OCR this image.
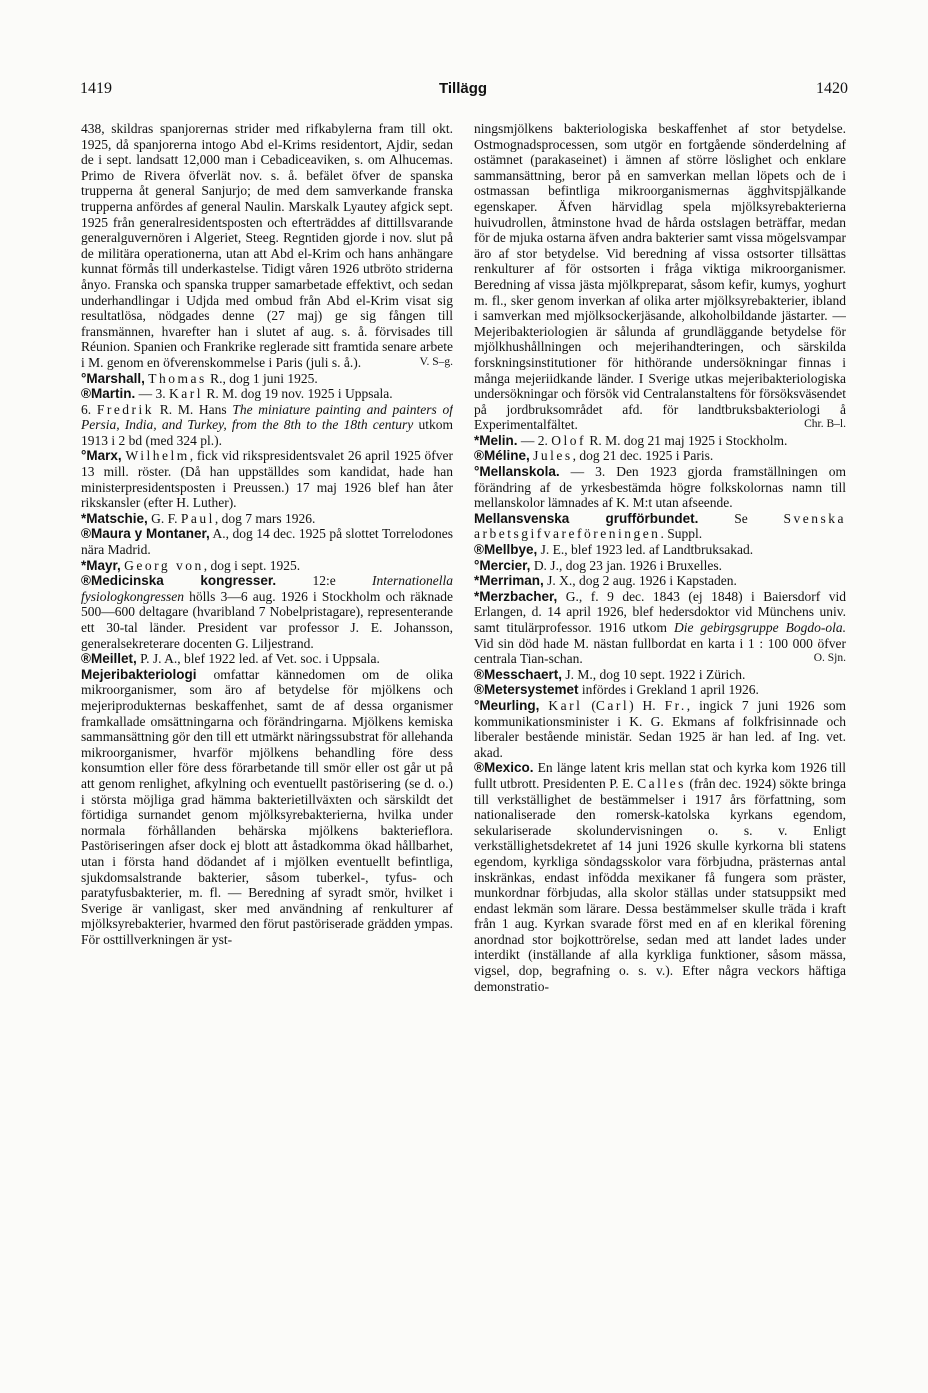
1419	Tillägg	1420

438, skildras spanjorernas strider med rifkabylerna fram till okt. 1925, då spanjorerna intogo Abd el-Krims residentort, Ajdir, sedan de i sept. landsatt 12,000 man i Cebadiceaviken, s. om Alhucemas. Primo de Rivera öfverlät nov. s. å. befälet öfver de spanska trupperna åt general Sanjurjo; de med dem samverkande franska trupperna anfördes af general Naulin. Marskalk Lyautey afgick sept. 1925 från generalresidentsposten och efterträddes af dittillsvarande generalguvernören i Algeriet, Steeg. Regntiden gjorde i nov. slut på de militära operationerna, utan att Abd el-Krim och hans anhängare kunnat förmås till underkastelse. Tidigt våren 1926 utbröto striderna ånyo. Franska och spanska trupper samarbetade effektivt, och sedan underhandlingar i Udjda med ombud från Abd el-Krim visat sig resultatlösa, nödgades denne (27 maj) ge sig fången till fransmännen, hvarefter han i slutet af aug. s. å. förvisades till Réunion. Spanien och Frankrike reglerade sitt framtida senare arbete i M. genom en öfverenskommelse i Paris (juli s. å.).	V. S–g.

°Marshall, Thomas R., dog 1 juni 1925.

®Martin. — 3. Karl R. M. dog 19 nov. 1925 i Uppsala.

6. Fredrik R. M. Hans The miniature painting and painters of Persia, India, and Turkey, from the 8th to the 18th century utkom 1913 i 2 bd (med 324 pl.).

°Marx, Wilhelm, fick vid rikspresidentsvalet 26 april 1925 öfver 13 mill. röster. (Då han uppställdes som kandidat, hade han ministerpresidentsposten i Preussen.) 17 maj 1926 blef han åter rikskansler (efter H. Luther).

*Matschie, G. F. Paul, dog 7 mars 1926.

®Maura y Montaner, A., dog 14 dec. 1925 på slottet Torrelodones nära Madrid.

*Mayr, Georg von, dog i sept. 1925.

®Medicinska kongresser. 12:e Internationella fysiologkongressen hölls 3—6 aug. 1926 i Stockholm och räknade 500—600 deltagare (hvaribland 7 Nobelpristagare), representerande ett 30-tal länder. President var professor J. E. Johansson, generalsekreterare docenten G. Liljestrand.

®Meillet, P. J. A., blef 1922 led. af Vet. soc. i Uppsala.

Mejeribakteriologi omfattar kännedomen om de olika mikroorganismer, som äro af betydelse för mjölkens och mejeriprodukternas beskaffenhet, samt de af dessa organismer framkallade omsättningarna och förändringarna. Mjölkens kemiska sammansättning gör den till ett utmärkt näringssubstrat för allehanda mikroorganismer, hvarför mjölkens behandling före dess konsumtion eller före dess förarbetande till smör eller ost går ut på att genom renlighet, afkylning och eventuellt pastörisering (se d. o.) i största möjliga grad hämma bakterietillväxten och särskildt det förtidiga surnandet genom mjölksyrebakterierna, hvilka under normala förhållanden behärska mjölkens bakterieflora. Pastöriseringen afser dock ej blott att åstadkomma ökad hållbarhet, utan i första hand dödandet af i mjölken eventuellt befintliga, sjukdomsalstrande bakterier, såsom tuberkel-, tyfus- och paratyfusbakterier, m. fl. — Beredning af syradt smör, hvilket i Sverige är vanligast, sker med användning af renkulturer af mjölksyrebakterier, hvarmed den förut pastöriserade grädden ympas. För osttillverkningen är yst-

ningsmjölkens bakteriologiska beskaffenhet af stor betydelse. Ostmognadsprocessen, som utgör en fortgående sönderdelning af ostämnet (parakaseinet) i ämnen af större löslighet och enklare sammansättning, beror på en samverkan mellan löpets och de i ostmassan befintliga mikroorganismernas ägghvitspjälkande egenskaper. Äfven härvidlag spela mjölksyrebakterierna huivudrollen, åtminstone hvad de hårda ostslagen beträffar, medan för de mjuka ostarna äfven andra bakterier samt vissa mögelsvampar äro af stor betydelse. Vid beredning af vissa ostsorter tillsättas renkulturer af för ostsorten i fråga viktiga mikroorganismer. Beredning af vissa jästa mjölkpreparat, såsom kefir, kumys, yoghurt m. fl., sker genom inverkan af olika arter mjölksyrebakterier, ibland i samverkan med mjölksockerjäsande, alkoholbildande jästarter. — Mejeribakteriologien är sålunda af grundläggande betydelse för mjölkhushållningen och mejerihandteringen, och särskilda forskningsinstitutioner för hithörande undersökningar finnas i många mejeriidkande länder. I Sverige utkas mejeribakteriologiska undersökningar och försök vid Centralanstaltens för försöksväsendet på jordbruksområdet afd. för landtbruksbakteriologi å Experimentalfältet.	Chr. B–l.

*Melin. — 2. Olof R. M. dog 21 maj 1925 i Stockholm.

®Méline, Jules, dog 21 dec. 1925 i Paris.

°Mellanskola. — 3. Den 1923 gjorda framställningen om förändring af de yrkesbestämda högre folkskolornas namn till mellanskolor lämnades af K. M:t utan afseende.

Mellansvenska grufförbundet. Se Svenska arbetsgifvareföreningen. Suppl.

®Mellbye, J. E., blef 1923 led. af Landtbruksakad.

°Mercier, D. J., dog 23 jan. 1926 i Bruxelles.

*Merriman, J. X., dog 2 aug. 1926 i Kapstaden.

*Merzbacher, G., f. 9 dec. 1843 (ej 1848) i Baiersdorf vid Erlangen, d. 14 april 1926, blef hedersdoktor vid Münchens univ. samt titulärprofessor. 1916 utkom Die gebirgsgruppe Bogdo-ola. Vid sin död hade M. nästan fullbordat en karta i 1 : 100 000 öfver centrala Tian-schan.	O. Sjn.

®Messchaert, J. M., dog 10 sept. 1922 i Zürich.

®Metersystemet infördes i Grekland 1 april 1926.

°Meurling, Karl (Carl) H. Fr., ingick 7 juni 1926 som kommunikationsminister i K. G. Ekmans af folkfrisinnade och liberaler bestående ministär. Sedan 1925 är han led. af Ing. vet. akad.

®Mexico. En länge latent kris mellan stat och kyrka kom 1926 till fullt utbrott. Presidenten P. E. Calles (från dec. 1924) sökte bringa till verkställighet de bestämmelser i 1917 års författning, som nationaliserade den romersk-katolska kyrkans egendom, sekulariserade skolundervisningen o. s. v. Enligt verkställighetsdekretet af 14 juni 1926 skulle kyrkorna bli statens egendom, kyrkliga söndagsskolor vara förbjudna, prästernas antal inskränkas, endast infödda mexikaner få fungera som präster, munkordnar förbjudas, alla skolor ställas under statsuppsikt med endast lekmän som lärare. Dessa bestämmelser skulle träda i kraft från 1 aug. Kyrkan svarade först med en af en klerikal förening anordnad stor bojkottrörelse, sedan med att landet lades under interdikt (inställande af alla kyrkliga funktioner, såsom mässa, vigsel, dop, begrafning o. s. v.). Efter några veckors häftiga demonstratio-
